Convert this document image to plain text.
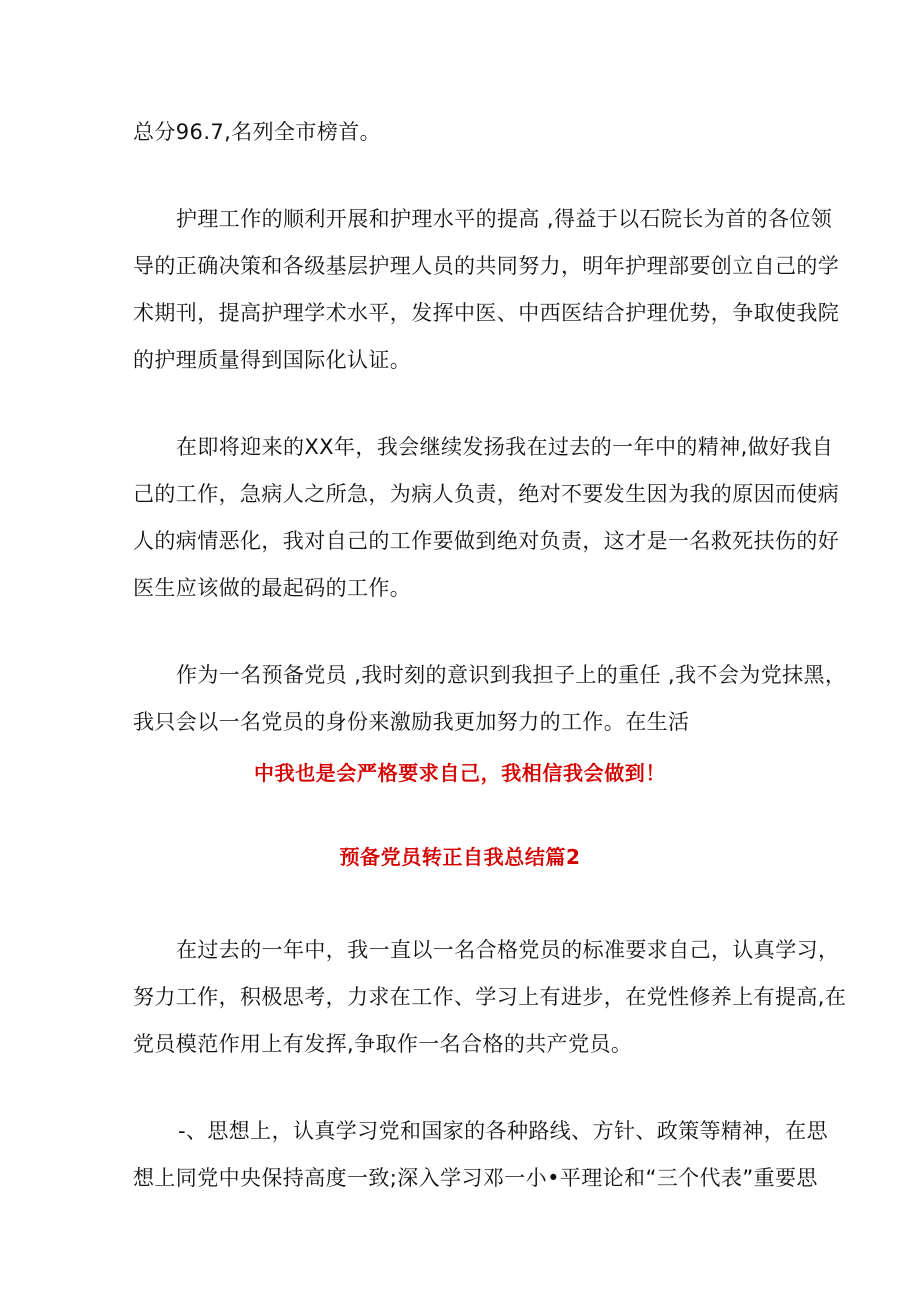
总分96.7,名列全市榜首。
护理工作的顺利开展和护理水平的提高 ,得益于以石院长为首的各位领
导的正确决策和各级基层护理人员的共同努力，明年护理部要创立自己的学
术期刊，提高护理学术水平，发挥中医、中西医结合护理优势，争取使我院
的护理质量得到国际化认证。
在即将迎来的XX年，我会继续发扬我在过去的一年中的精神,做好我自
己的工作，急病人之所急，为病人负责，绝对不要发生因为我的原因而使病
人的病情恶化，我对自己的工作要做到绝对负责，这才是一名救死扶伤的好
医生应该做的最起码的工作。
作为一名预备党员 ,我时刻的意识到我担子上的重任 ,我不会为党抹黑，
我只会以一名党员的身份来激励我更加努力的工作。在生活
中我也是会严格要求自己，我相信我会做到！
预备党员转正自我总结篇2
在过去的一年中，我一直以一名合格党员的标准要求自己，认真学习，
努力工作，积极思考，力求在工作、学习上有进步，在党性修养上有提高,在
党员模范作用上有发挥,争取作一名合格的共产党员。
-、思想上，认真学习党和国家的各种路线、方针、政策等精神，在思
想上同党中央保持高度一致;深入学习邓一小•平理论和“三个代表”重要思
